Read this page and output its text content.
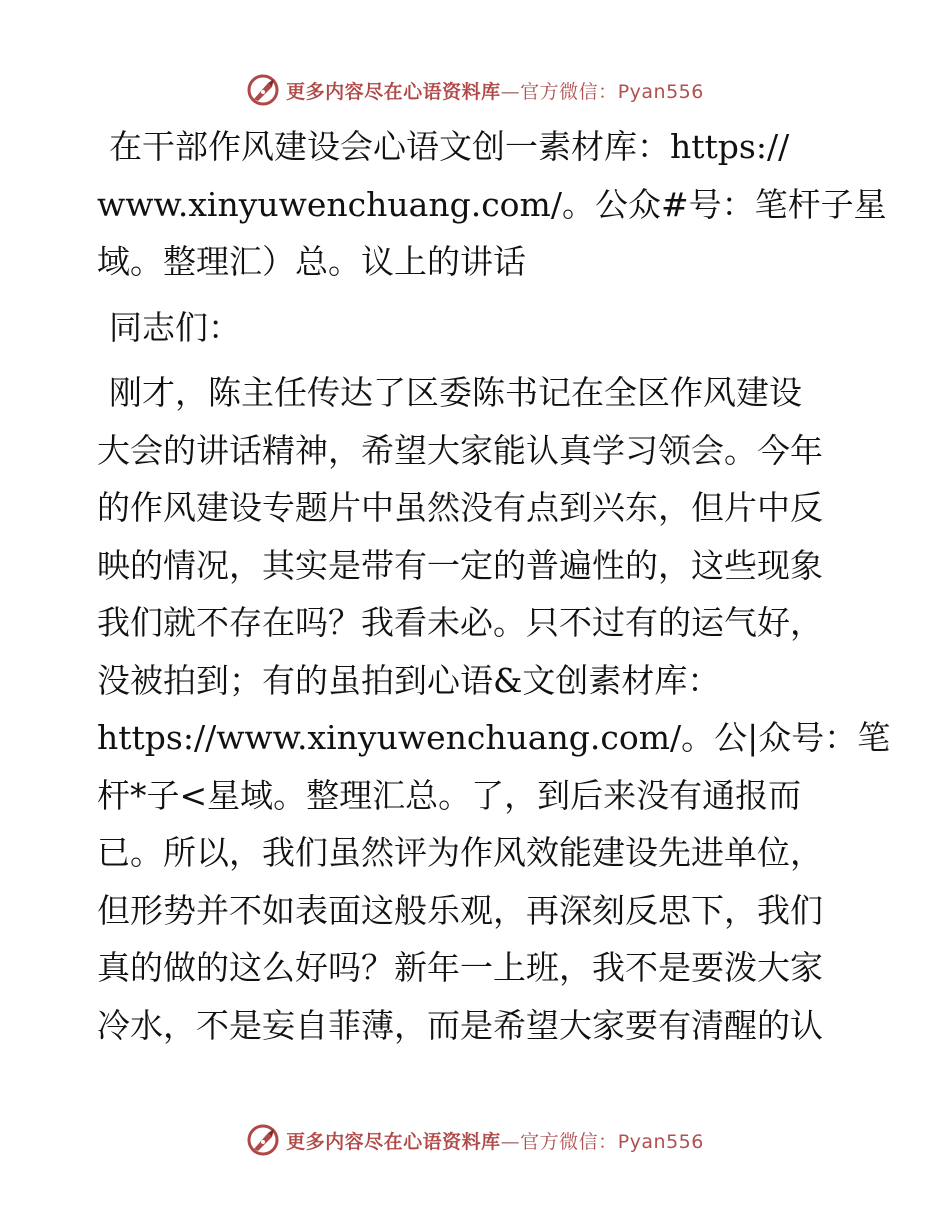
更多内容尽在心语资料库—官方微信：Pyan556
在干部作风建设会心语文创一素材库：https://
www.xinyuwenchuang.com/。公众#号：笔杆子星
域。整理汇）总。议上的讲话
同志们：
刚才，陈主任传达了区委陈书记在全区作风建设
大会的讲话精神，希望大家能认真学习领会。今年
的作风建设专题片中虽然没有点到兴东，但片中反
映的情况，其实是带有一定的普遍性的，这些现象
我们就不存在吗？我看未必。只不过有的运气好，
没被拍到；有的虽拍到心语&文创素材库：
https://www.xinyuwenchuang.com/。公|众号：笔
杆*子<星域。整理汇总。了，到后来没有通报而
已。所以，我们虽然评为作风效能建设先进单位，
但形势并不如表面这般乐观，再深刻反思下，我们
真的做的这么好吗？新年一上班，我不是要泼大家
冷水，不是妄自菲薄，而是希望大家要有清醒的认
更多内容尽在心语资料库—官方微信：Pyan556
